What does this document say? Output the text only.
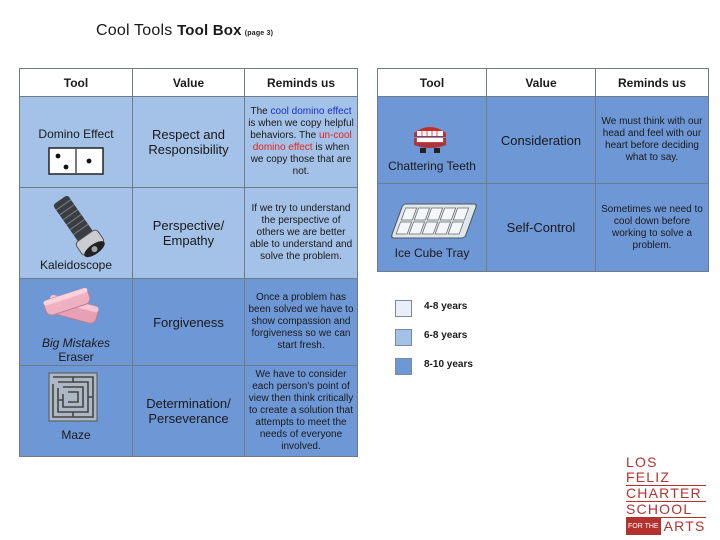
Cool Tools Tool Box (page 3)
Tool	Value	Reminds us

Domino Effect	Respect and Responsibility	The cool domino effect is when we copy helpful behaviors. The un-cool domino effect is when we copy those that are not.

Kaleidoscope	Perspective/ Empathy	If we try to understand the perspective of others we are better able to understand and solve the problem.

Big Mistakes
Eraser	Forgiveness	Once a problem has been solved we have to show compassion and forgiveness so we can start fresh.

Maze	Determination/ Perseverance	We have to consider each person's point of view then think critically to create a solution that attempts to meet the needs of everyone involved.
Tool	Value	Reminds us

Chattering Teeth	Consideration	We must think with our head and feel with our heart before deciding what to say.

Ice Cube Tray	Self-Control	Sometimes we need to cool down before working to solve a problem.
4-8 years
6-8 years
8-10 years
LOS FELIZ
CHARTER
SCHOOL
FOR THE ARTS
